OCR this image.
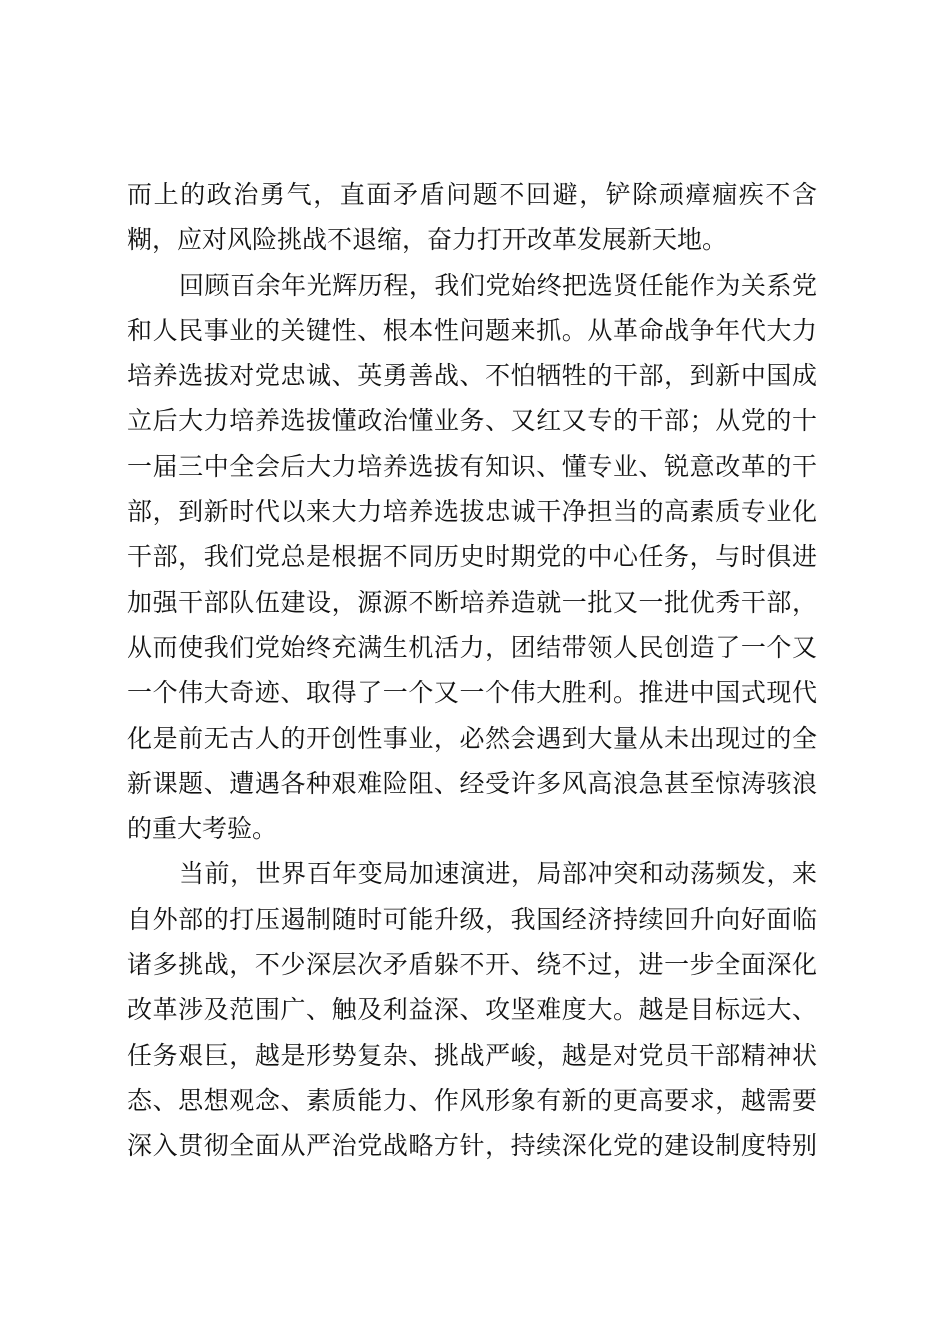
而上的政治勇气，直面矛盾问题不回避，铲除顽瘴痼疾不含
糊，应对风险挑战不退缩，奋力打开改革发展新天地。
回顾百余年光辉历程，我们党始终把选贤任能作为关系党
和人民事业的关键性、根本性问题来抓。从革命战争年代大力
培养选拔对党忠诚、英勇善战、不怕牺牲的干部，到新中国成
立后大力培养选拔懂政治懂业务、又红又专的干部；从党的十
一届三中全会后大力培养选拔有知识、懂专业、锐意改革的干
部，到新时代以来大力培养选拔忠诚干净担当的高素质专业化
干部，我们党总是根据不同历史时期党的中心任务，与时俱进
加强干部队伍建设，源源不断培养造就一批又一批优秀干部，
从而使我们党始终充满生机活力，团结带领人民创造了一个又
一个伟大奇迹、取得了一个又一个伟大胜利。推进中国式现代
化是前无古人的开创性事业，必然会遇到大量从未出现过的全
新课题、遭遇各种艰难险阻、经受许多风高浪急甚至惊涛骇浪
的重大考验。
当前，世界百年变局加速演进，局部冲突和动荡频发，来
自外部的打压遏制随时可能升级，我国经济持续回升向好面临
诸多挑战，不少深层次矛盾躲不开、绕不过，进一步全面深化
改革涉及范围广、触及利益深、攻坚难度大。越是目标远大、
任务艰巨，越是形势复杂、挑战严峻，越是对党员干部精神状
态、思想观念、素质能力、作风形象有新的更高要求，越需要
深入贯彻全面从严治党战略方针，持续深化党的建设制度特别
